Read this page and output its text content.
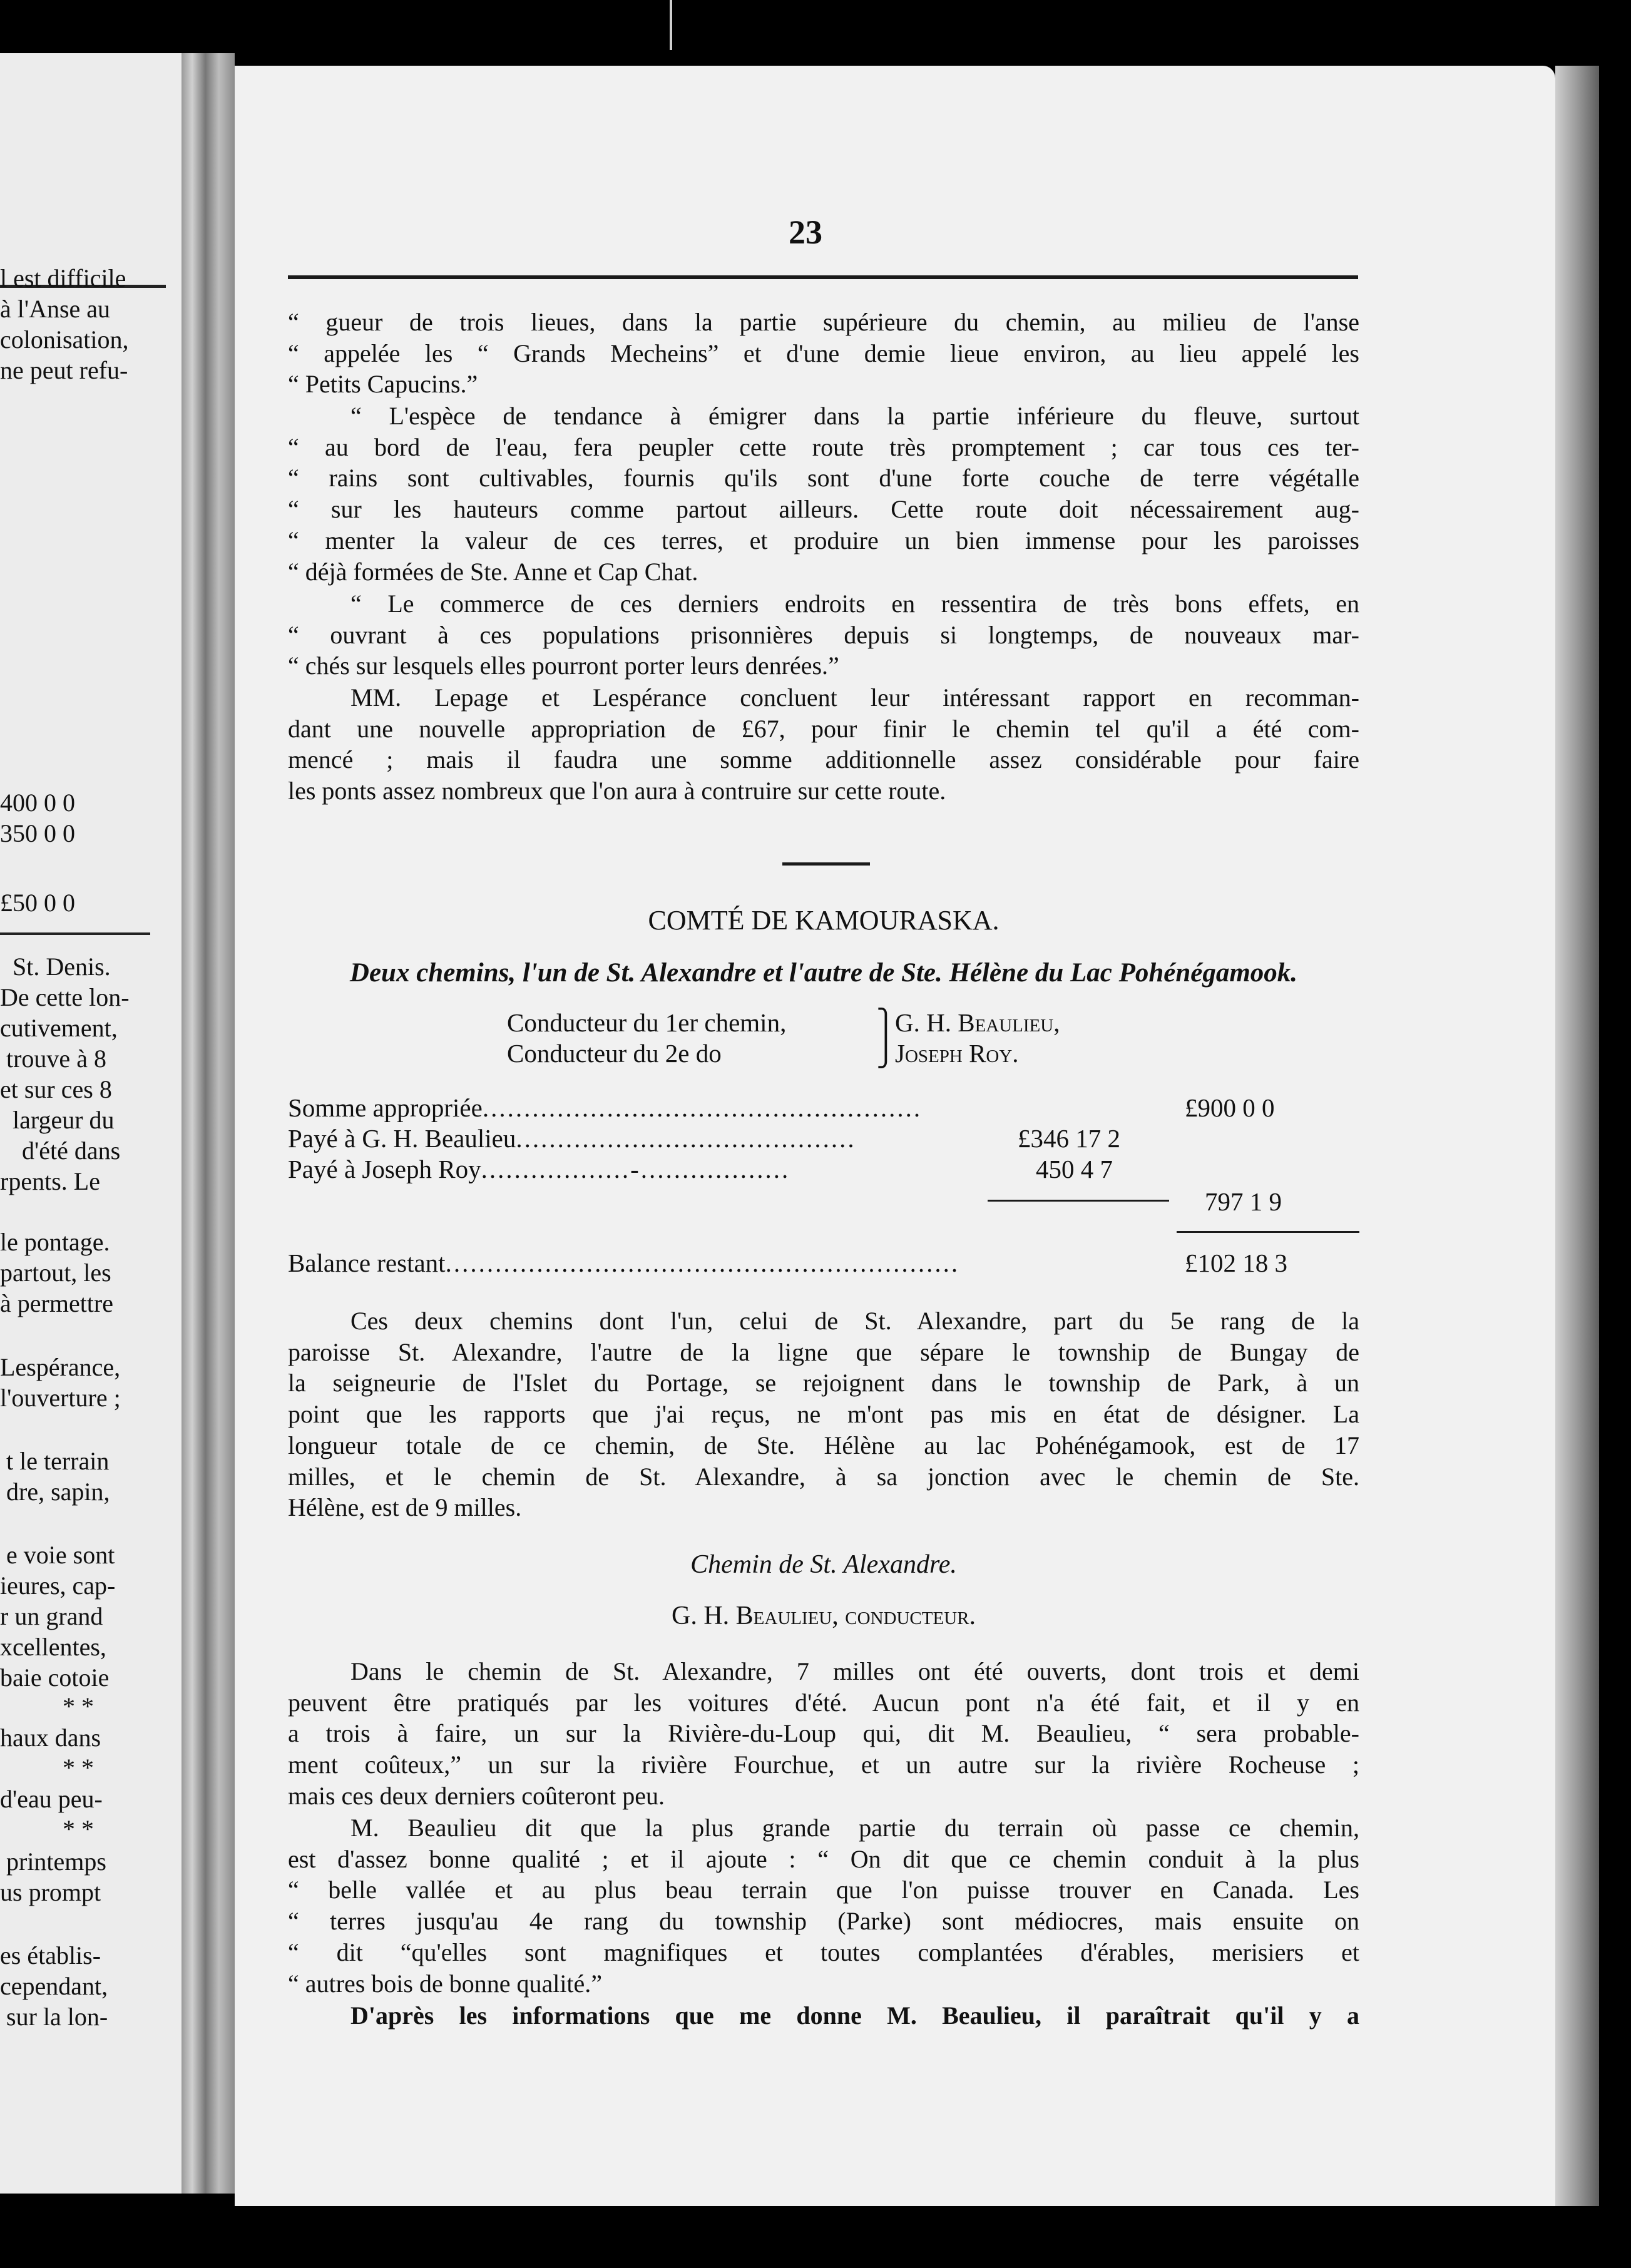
l est difficile
à l'Anse au
colonisation,
ne peut refu-
400 0 0
350 0 0
£50 0 0
St. Denis.
De cette lon-
cutivement,
trouve à 8
et sur ces 8
largeur du
d'été dans
rpents. Le
le pontage.
partout, les
à permettre
Lespérance,
l'ouverture ;
t le terrain
dre, sapin,
e voie sont
ieures, cap-
r un grand
xcellentes,
baie cotoie
* *
haux dans
* *
d'eau peu-
* *
printemps
us prompt
es établis-
cependant,
sur la lon-
23
“ gueur de trois lieues, dans la partie supérieure du chemin, au milieu de l'anse
“ appelée les “ Grands Mecheins” et d'une demie lieue environ, au lieu appelé les
“ Petits Capucins.”
“ L'espèce de tendance à émigrer dans la partie inférieure du fleuve, surtout
“ au bord de l'eau, fera peupler cette route très promptement ; car tous ces ter-
“ rains sont cultivables, fournis qu'ils sont d'une forte couche de terre végétalle
“ sur les hauteurs comme partout ailleurs. Cette route doit nécessairement aug-
“ menter la valeur de ces terres, et produire un bien immense pour les paroisses
“ déjà formées de Ste. Anne et Cap Chat.
“ Le commerce de ces derniers endroits en ressentira de très bons effets, en
“ ouvrant à ces populations prisonnières depuis si longtemps, de nouveaux mar-
“ chés sur lesquels elles pourront porter leurs denrées.”
MM. Lepage et Lespérance concluent leur intéressant rapport en recomman-
dant une nouvelle appropriation de £67, pour finir le chemin tel qu'il a été com-
mencé ; mais il faudra une somme additionnelle assez considérable pour faire
les ponts assez nombreux que l'on aura à contruire sur cette route.
COMTÉ DE KAMOURASKA.
Deux chemins, l'un de St. Alexandre et l'autre de Ste. Hélène du Lac Pohénégamook.
Conducteur du 1er chemin,	⎫G. H. Beaulieu,
Conducteur du 2e do	⎭Joseph Roy.
Somme appropriée.....................................................	£900 0 0
Payé à G. H. Beaulieu.........................................	£346 17 2
Payé à Joseph Roy..................-..................	450 4 7
797 1 9
Balance restant..............................................................	£102 18 3
Ces deux chemins dont l'un, celui de St. Alexandre, part du 5e rang de la
paroisse St. Alexandre, l'autre de la ligne que sépare le township de Bungay de
la seigneurie de l'Islet du Portage, se rejoignent dans le township de Park, à un
point que les rapports que j'ai reçus, ne m'ont pas mis en état de désigner. La
longueur totale de ce chemin, de Ste. Hélène au lac Pohénégamook, est de 17
milles, et le chemin de St. Alexandre, à sa jonction avec le chemin de Ste.
Hélène, est de 9 milles.
Chemin de St. Alexandre.
G. H. Beaulieu, conducteur.
Dans le chemin de St. Alexandre, 7 milles ont été ouverts, dont trois et demi
peuvent être pratiqués par les voitures d'été. Aucun pont n'a été fait, et il y en
a trois à faire, un sur la Rivière-du-Loup qui, dit M. Beaulieu, “ sera probable-
ment coûteux,” un sur la rivière Fourchue, et un autre sur la rivière Rocheuse ;
mais ces deux derniers coûteront peu.
M. Beaulieu dit que la plus grande partie du terrain où passe ce chemin,
est d'assez bonne qualité ; et il ajoute : “ On dit que ce chemin conduit à la plus
“ belle vallée et au plus beau terrain que l'on puisse trouver en Canada. Les
“ terres jusqu'au 4e rang du township (Parke) sont médiocres, mais ensuite on
“ dit “qu'elles sont magnifiques et toutes complantées d'érables, merisiers et
“ autres bois de bonne qualité.”
D'après les informations que me donne M. Beaulieu, il paraîtrait qu'il y a
